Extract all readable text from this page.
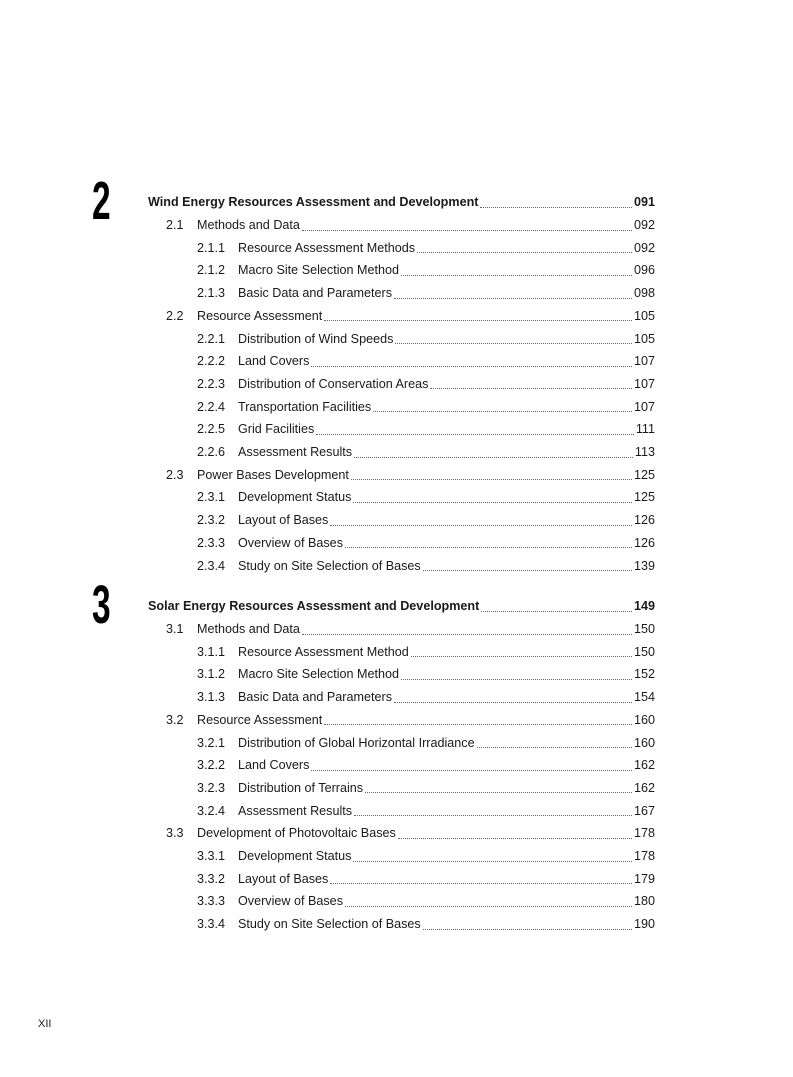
2	Wind Energy Resources Assessment and Development	091
2.1	Methods and Data	092
2.1.1	Resource Assessment Methods	092
2.1.2	Macro Site Selection Method	096
2.1.3	Basic Data and Parameters	098
2.2	Resource Assessment	105
2.2.1	Distribution of Wind Speeds	105
2.2.2	Land Covers	107
2.2.3	Distribution of Conservation Areas	107
2.2.4	Transportation Facilities	107
2.2.5	Grid Facilities	111
2.2.6	Assessment Results	113
2.3	Power Bases Development	125
2.3.1	Development Status	125
2.3.2	Layout of Bases	126
2.3.3	Overview of Bases	126
2.3.4	Study on Site Selection of Bases	139
3	Solar Energy Resources Assessment and Development	149
3.1	Methods and Data	150
3.1.1	Resource Assessment Method	150
3.1.2	Macro Site Selection Method	152
3.1.3	Basic Data and Parameters	154
3.2	Resource Assessment	160
3.2.1	Distribution of Global Horizontal Irradiance	160
3.2.2	Land Covers	162
3.2.3	Distribution of Terrains	162
3.2.4	Assessment Results	167
3.3	Development of Photovoltaic Bases	178
3.3.1	Development Status	178
3.3.2	Layout of Bases	179
3.3.3	Overview of Bases	180
3.3.4	Study on Site Selection of Bases	190
XII
